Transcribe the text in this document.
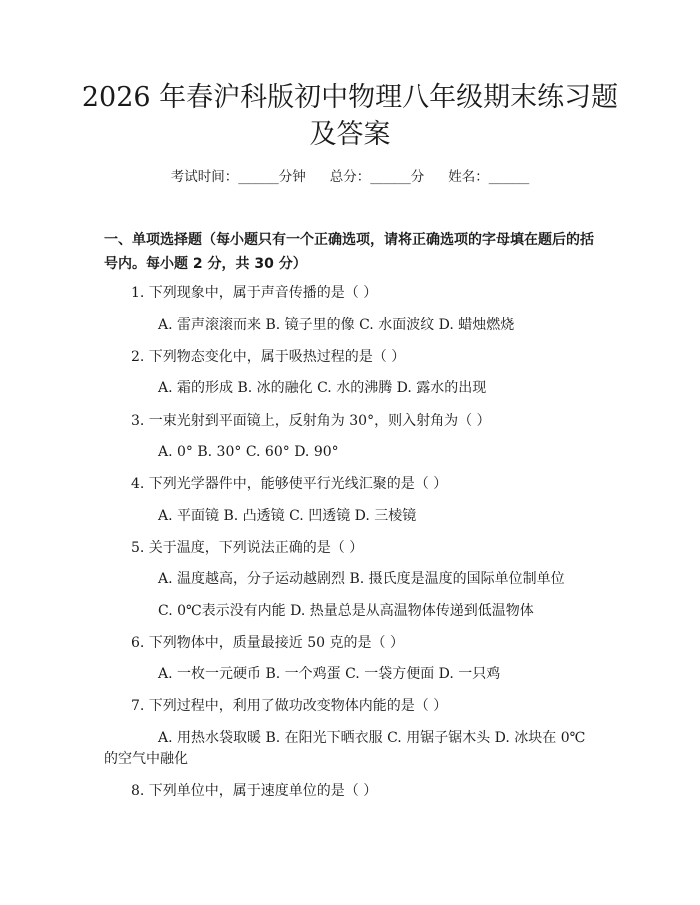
2026 年春沪科版初中物理八年级期末练习题
及答案
考试时间：______分钟 总分：______分 姓名：______
一、单项选择题（每小题只有一个正确选项，请将正确选项的字母填在题后的括号内。每小题 2 分，共 30 分）
1. 下列现象中，属于声音传播的是（ ）
A. 雷声滚滚而来 B. 镜子里的像 C. 水面波纹 D. 蜡烛燃烧
2. 下列物态变化中，属于吸热过程的是（ ）
A. 霜的形成 B. 冰的融化 C. 水的沸腾 D. 露水的出现
3. 一束光射到平面镜上，反射角为 30°，则入射角为（ ）
A. 0° B. 30° C. 60° D. 90°
4. 下列光学器件中，能够使平行光线汇聚的是（ ）
A. 平面镜 B. 凸透镜 C. 凹透镜 D. 三棱镜
5. 关于温度，下列说法正确的是（ ）
A. 温度越高，分子运动越剧烈 B. 摄氏度是温度的国际单位制单位
C. 0℃表示没有内能 D. 热量总是从高温物体传递到低温物体
6. 下列物体中，质量最接近 50 克的是（ ）
A. 一枚一元硬币 B. 一个鸡蛋 C. 一袋方便面 D. 一只鸡
7. 下列过程中，利用了做功改变物体内能的是（ ）
A. 用热水袋取暖 B. 在阳光下晒衣服 C. 用锯子锯木头 D. 冰块在 0℃
的空气中融化
8. 下列单位中，属于速度单位的是（ ）
